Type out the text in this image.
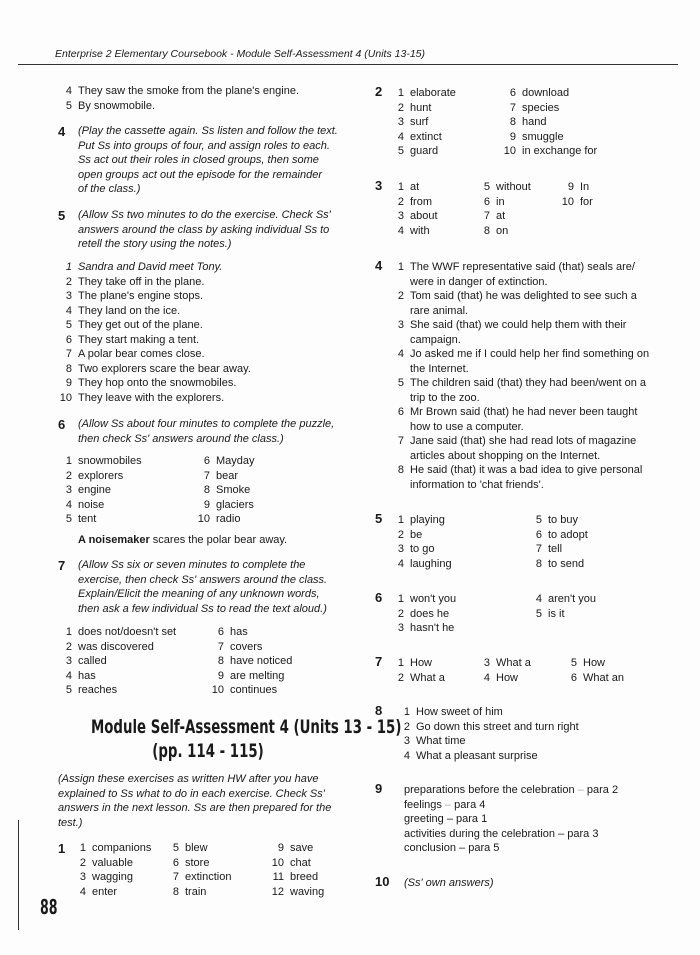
Enterprise 2 Elementary Coursebook - Module Self-Assessment 4 (Units 13-15)
88
4 They saw the smoke from the plane's engine.
5 By snowmobile.
4 (Play the cassette again. Ss listen and follow the text.
Put Ss into groups of four, and assign roles to each.
Ss act out their roles in closed groups, then some
open groups act out the episode for the remainder
of the class.)
5 (Allow Ss two minutes to do the exercise. Check Ss'
answers around the class by asking individual Ss to
retell the story using the notes.)
1 Sandra and David meet Tony.
2 They take off in the plane.
3 The plane's engine stops.
4 They land on the ice.
5 They get out of the plane.
6 They start making a tent.
7 A polar bear comes close.
8 Two explorers scare the bear away.
9 They hop onto the snowmobiles.
10 They leave with the explorers.
6 (Allow Ss about four minutes to complete the puzzle,
then check Ss' answers around the class.)
1 snowmobiles
2 explorers
3 engine
4 noise
5 tent
6 Mayday
7 bear
8 Smoke
9 glaciers
10 radio
A noisemaker scares the polar bear away.
7 (Allow Ss six or seven minutes to complete the
exercise, then check Ss' answers around the class.
Explain/Elicit the meaning of any unknown words,
then ask a few individual Ss to read the text aloud.)
1 does not/doesn't set
2 was discovered
3 called
4 has
5 reaches
6 has
7 covers
8 have noticed
9 are melting
10 continues
Module Self-Assessment 4 (Units 13 - 15)
(pp. 114 - 115)
(Assign these exercises as written HW after you have
explained to Ss what to do in each exercise. Check Ss'
answers in the next lesson. Ss are then prepared for the
test.)
1	1 companions
2 valuable
3 wagging
4 enter
5 blew
6 store
7 extinction
8 train
9 save
10 chat
11 breed
12 waving
2	1 elaborate
2 hunt
3 surf
4 extinct
5 guard
6 download
7 species
8 hand
9 smuggle
10 in exchange for
3	1 at
2 from
3 about
4 with
5 without
6 in
7 at
8 on
9 In
10 for
4	1 The WWF representative said (that) seals are/
were in danger of extinction.
2 Tom said (that) he was delighted to see such a
rare animal.
3 She said (that) we could help them with their
campaign.
4 Jo asked me if I could help her find something on
the Internet.
5 The children said (that) they had been/went on a
trip to the zoo.
6 Mr Brown said (that) he had never been taught
how to use a computer.
7 Jane said (that) she had read lots of magazine
articles about shopping on the Internet.
8 He said (that) it was a bad idea to give personal
information to 'chat friends'.
5	1 playing
2 be
3 to go
4 laughing
5 to buy
6 to adopt
7 tell
8 to send
6	1 won't you
2 does he
3 hasn't he
4 aren't you
5 is it
7	1 How
2 What a
3 What a
4 How
5 How
6 What an
8	1 How sweet of him
2 Go down this street and turn right
3 What time
4 What a pleasant surprise
9 preparations before the celebration – para 2
feelings – para 4
greeting – para 1
activities during the celebration – para 3
conclusion – para 5
10 (Ss' own answers)
